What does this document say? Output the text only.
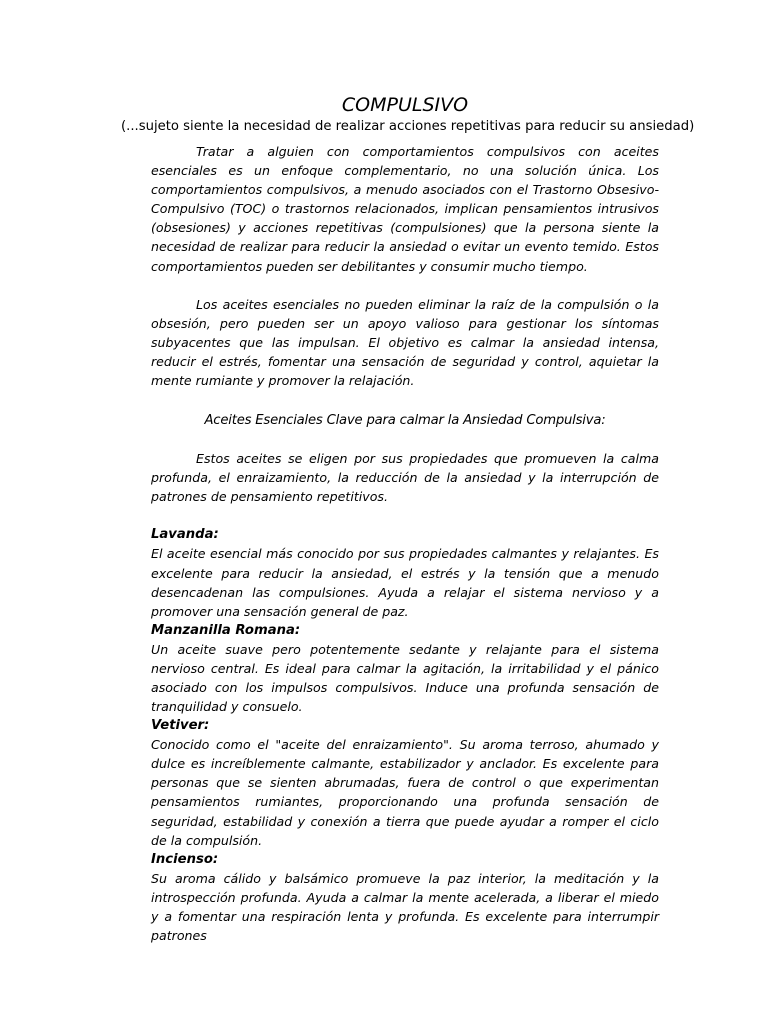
COMPULSIVO

(...sujeto siente la necesidad de realizar acciones repetitivas para reducir su ansiedad)

Tratar a alguien con comportamientos compulsivos con aceites esenciales es un enfoque complementario, no una solución única. Los comportamientos compulsivos, a menudo asociados con el Trastorno Obsesivo-Compulsivo (TOC) o trastornos relacionados, implican pensamientos intrusivos (obsesiones) y acciones repetitivas (compulsiones) que la persona siente la necesidad de realizar para reducir la ansiedad o evitar un evento temido. Estos comportamientos pueden ser debilitantes y consumir mucho tiempo.

Los aceites esenciales no pueden eliminar la raíz de la compulsión o la obsesión, pero pueden ser un apoyo valioso para gestionar los síntomas subyacentes que las impulsan. El objetivo es calmar la ansiedad intensa, reducir el estrés, fomentar una sensación de seguridad y control, aquietar la mente rumiante y promover la relajación.

Aceites Esenciales Clave para calmar la Ansiedad Compulsiva:

Estos aceites se eligen por sus propiedades que promueven la calma profunda, el enraizamiento, la reducción de la ansiedad y la interrupción de patrones de pensamiento repetitivos.

Lavanda:

El aceite esencial más conocido por sus propiedades calmantes y relajantes. Es excelente para reducir la ansiedad, el estrés y la tensión que a menudo desencadenan las compulsiones. Ayuda a relajar el sistema nervioso y a promover una sensación general de paz.

Manzanilla Romana:

Un aceite suave pero potentemente sedante y relajante para el sistema nervioso central. Es ideal para calmar la agitación, la irritabilidad y el pánico asociado con los impulsos compulsivos. Induce una profunda sensación de tranquilidad y consuelo.

Vetiver:

Conocido como el "aceite del enraizamiento". Su aroma terroso, ahumado y dulce es increíblemente calmante, estabilizador y anclador. Es excelente para personas que se sienten abrumadas, fuera de control o que experimentan pensamientos rumiantes, proporcionando una profunda sensación de seguridad, estabilidad y conexión a tierra que puede ayudar a romper el ciclo de la compulsión.

Incienso:

Su aroma cálido y balsámico promueve la paz interior, la meditación y la introspección profunda. Ayuda a calmar la mente acelerada, a liberar el miedo y a fomentar una respiración lenta y profunda. Es excelente para interrumpir patrones
